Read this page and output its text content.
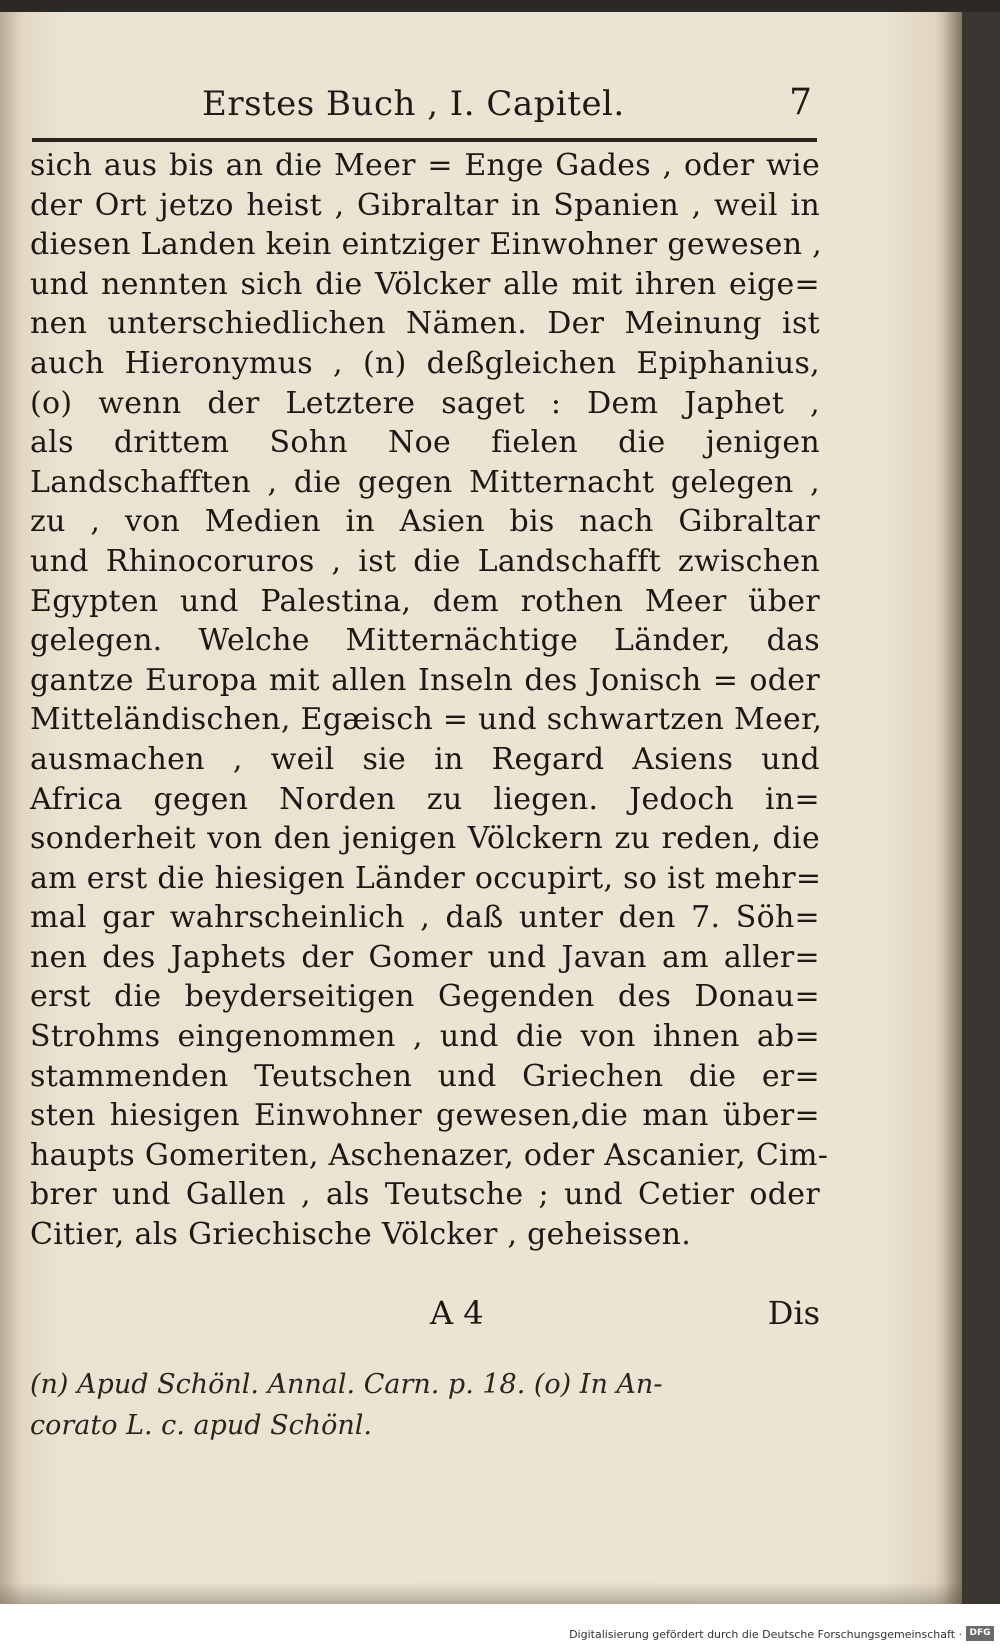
Erstes Buch , I. Capitel.	7
sich aus bis an die Meer = Enge Gades , oder wie
der Ort jetzo heist , Gibraltar in Spanien , weil in
diesen Landen kein eintziger Einwohner gewesen ,
und nennten sich die Völcker alle mit ihren eige=
nen unterschiedlichen Nämen. Der Meinung ist
auch Hieronymus , (n) deßgleichen Epiphanius,
(o) wenn der Letztere saget : Dem Japhet ,
als drittem Sohn Noe fielen die jenigen
Landschafften , die gegen Mitternacht gelegen ,
zu , von Medien in Asien bis nach Gibraltar
und Rhinocoruros , ist die Landschafft zwischen
Egypten und Palestina, dem rothen Meer über
gelegen. Welche Mitternächtige Länder, das
gantze Europa mit allen Inseln des Jonisch = oder
Mitteländischen, Egæisch = und schwartzen Meer,
ausmachen , weil sie in Regard Asiens und
Africa gegen Norden zu liegen. Jedoch in=
sonderheit von den jenigen Völckern zu reden, die
am erst die hiesigen Länder occupirt, so ist mehr=
mal gar wahrscheinlich , daß unter den 7. Söh=
nen des Japhets der Gomer und Javan am aller=
erst die beyderseitigen Gegenden des Donau=
Strohms eingenommen , und die von ihnen ab=
stammenden Teutschen und Griechen die er=
sten hiesigen Einwohner gewesen,die man über=
haupts Gomeriten, Aschenazer, oder Ascanier, Cim-
brer und Gallen , als Teutsche ; und Cetier oder
Citier, als Griechische Völcker , geheissen.
A 4	Dis
(n) Apud Schönl. Annal. Carn. p. 18. (o) In An-
corato L. c. apud Schönl.
Digitalisierung gefördert durch die Deutsche Forschungsgemeinschaft · DFG
